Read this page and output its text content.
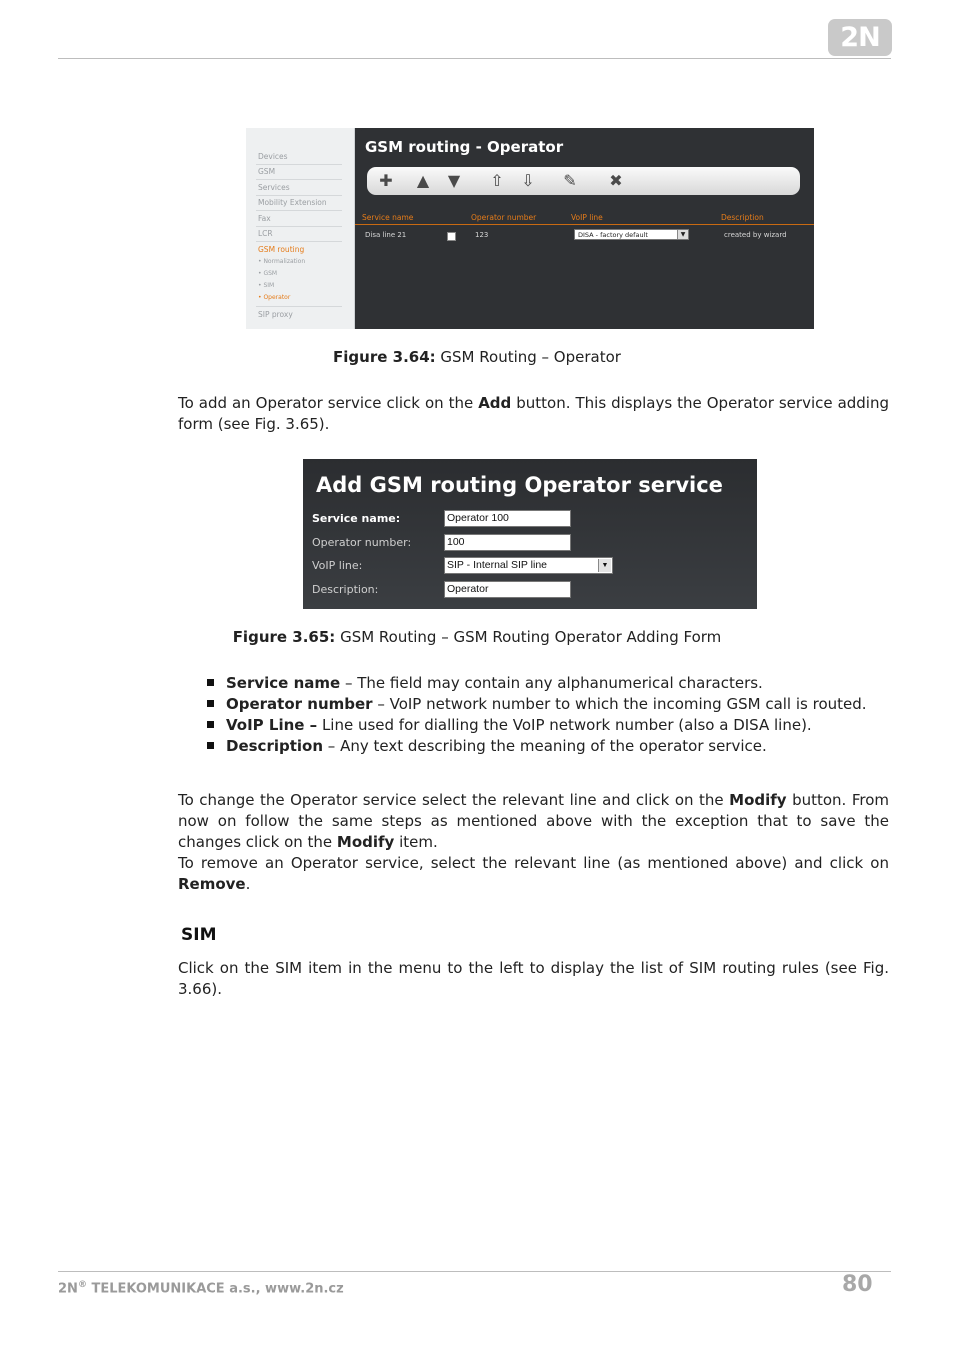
2N
Devices
GSM
Services
Mobility Extension
Fax
LCR
GSM routing
• Normalization
• GSM
• SIM
• Operator
SIP proxy
GSM routing - Operator
✚ ▲ ▼ ⇧ ⇩ ✎ ✖
Service name	Operator number	VoIP line	Description
Disa line 21	123	DISA - factory default	▼	created by wizard
Figure 3.64: GSM Routing – Operator
To add an Operator service click on the Add button. This displays the Operator service adding form (see Fig. 3.65).
Add GSM routing Operator service
Service name:	Operator 100
Operator number:	100
VoIP line:	SIP - Internal SIP line	▼
Description:	Operator
Figure 3.65: GSM Routing – GSM Routing Operator Adding Form
Service name – The field may contain any alphanumerical characters.
Operator number – VoIP network number to which the incoming GSM call is routed.
VoIP Line – Line used for dialling the VoIP network number (also a DISA line).
Description – Any text describing the meaning of the operator service.
To change the Operator service select the relevant line and click on the Modify button. From now on follow the same steps as mentioned above with the exception that to save the changes click on the Modify item.
To remove an Operator service, select the relevant line (as mentioned above) and click on Remove.
SIM
Click on the SIM item in the menu to the left to display the list of SIM routing rules (see Fig. 3.66).
2N® TELEKOMUNIKACE a.s., www.2n.cz	80
